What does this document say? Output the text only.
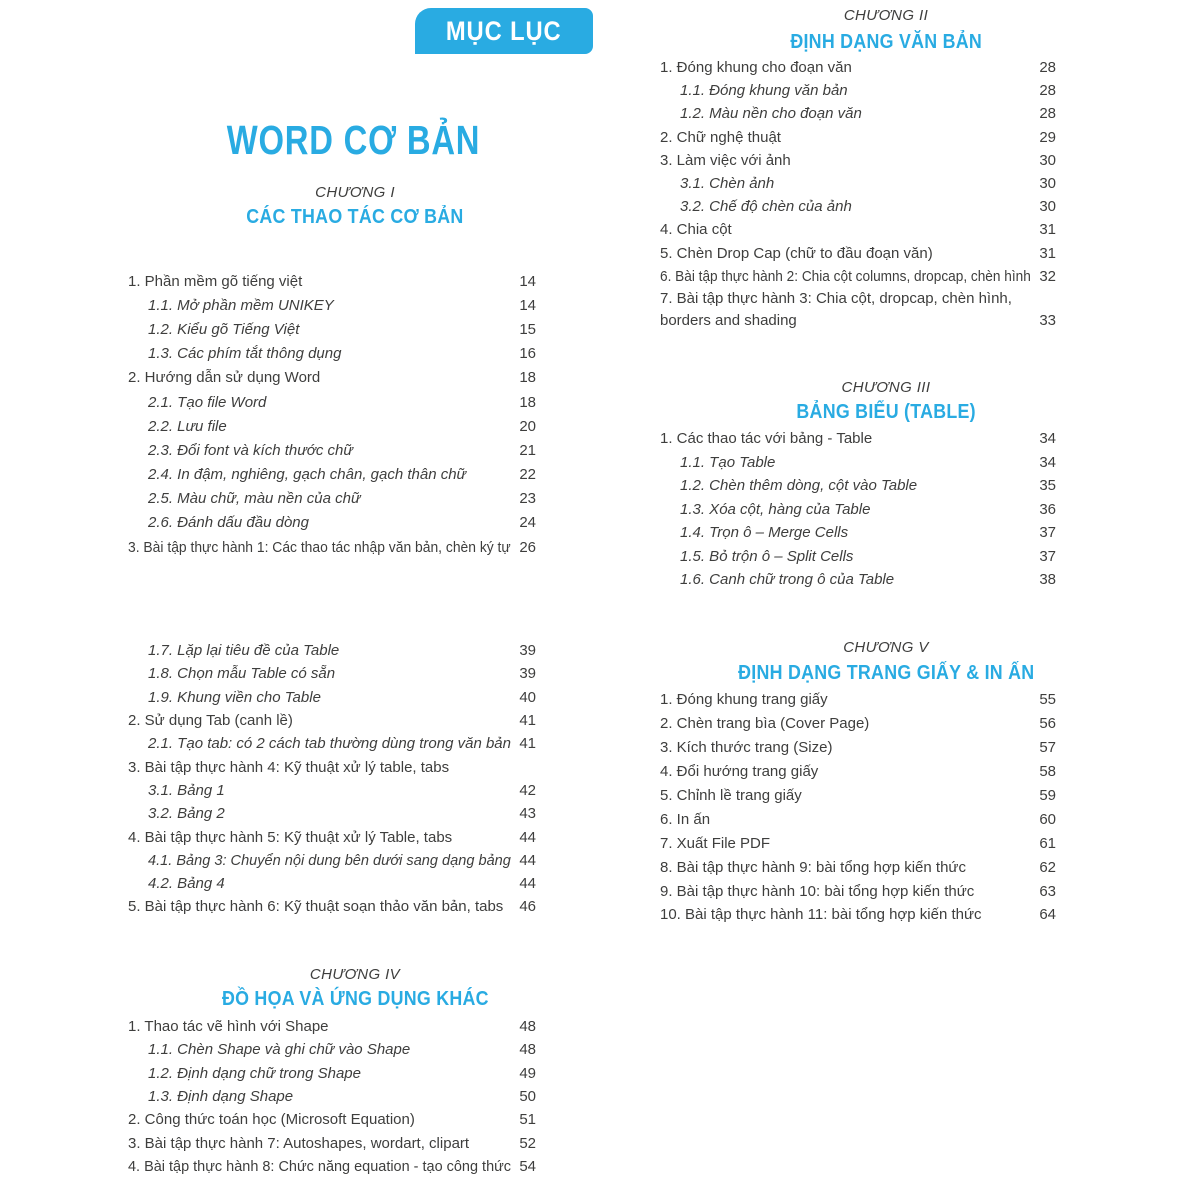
MỤC LỤC
WORD CƠ BẢN
CHƯƠNG I
CÁC THAO TÁC CƠ BẢN
1. Phần mềm gõ tiếng việt	14
1.1. Mở phần mềm UNIKEY	14
1.2. Kiểu gõ Tiếng Việt	15
1.3. Các phím tắt thông dụng	16
2. Hướng dẫn sử dụng Word	18
2.1. Tạo file Word	18
2.2. Lưu file	20
2.3. Đổi font và kích thước chữ	21
2.4. In đậm, nghiêng, gạch chân, gạch thân chữ	22
2.5. Màu chữ, màu nền của chữ	23
2.6. Đánh dấu đầu dòng	24
3. Bài tập thực hành 1: Các thao tác nhập văn bản, chèn ký tự 26
1.7. Lặp lại tiêu đề của Table	39
1.8. Chọn mẫu Table có sẵn	39
1.9. Khung viền cho Table	40
2. Sử dụng Tab (canh lề)	41
2.1. Tạo tab: có 2 cách tab thường dùng trong văn bản 41
3. Bài tập thực hành 4: Kỹ thuật xử lý table, tabs
3.1. Bảng 1	42
3.2. Bảng 2	43
4. Bài tập thực hành 5: Kỹ thuật xử lý Table, tabs	44
4.1. Bảng 3: Chuyển nội dung bên dưới sang dạng bảng 44
4.2. Bảng 4	44
5. Bài tập thực hành 6: Kỹ thuật soạn thảo văn bản, tabs 46
CHƯƠNG IV
ĐỒ HỌA VÀ ỨNG DỤNG KHÁC
1. Thao tác vẽ hình với Shape	48
1.1. Chèn Shape và ghi chữ vào Shape	48
1.2. Định dạng chữ trong Shape	49
1.3. Định dạng Shape	50
2. Công thức toán học (Microsoft Equation)	51
3. Bài tập thực hành 7: Autoshapes, wordart, clipart	52
4. Bài tập thực hành 8: Chức năng equation - tạo công thức 54
CHƯƠNG II
ĐỊNH DẠNG VĂN BẢN
1. Đóng khung cho đoạn văn	28
1.1. Đóng khung văn bản	28
1.2. Màu nền cho đoạn văn	28
2. Chữ nghệ thuật	29
3. Làm việc với ảnh	30
3.1. Chèn ảnh	30
3.2. Chế độ chèn của ảnh	30
4. Chia cột	31
5. Chèn Drop Cap (chữ to đầu đoạn văn)	31
6. Bài tập thực hành 2: Chia cột columns, dropcap, chèn hình 32
7. Bài tập thực hành 3: Chia cột, dropcap, chèn hình,
borders and shading	33
CHƯƠNG III
BẢNG BIỂU (TABLE)
1. Các thao tác với bảng - Table	34
1.1. Tạo Table	34
1.2. Chèn thêm dòng, cột vào Table	35
1.3. Xóa cột, hàng của Table	36
1.4. Trọn ô – Merge Cells	37
1.5. Bỏ trộn ô – Split Cells	37
1.6. Canh chữ trong ô của Table	38
CHƯƠNG V
ĐỊNH DẠNG TRANG GIẤY & IN ẤN
1. Đóng khung trang giấy	55
2. Chèn trang bìa (Cover Page)	56
3. Kích thước trang (Size)	57
4. Đổi hướng trang giấy	58
5. Chỉnh lề trang giấy	59
6. In ấn	60
7. Xuất File PDF	61
8. Bài tập thực hành 9: bài tổng hợp kiến thức	62
9. Bài tập thực hành 10: bài tổng hợp kiến thức	63
10. Bài tập thực hành 11: bài tổng hợp kiến thức	64
